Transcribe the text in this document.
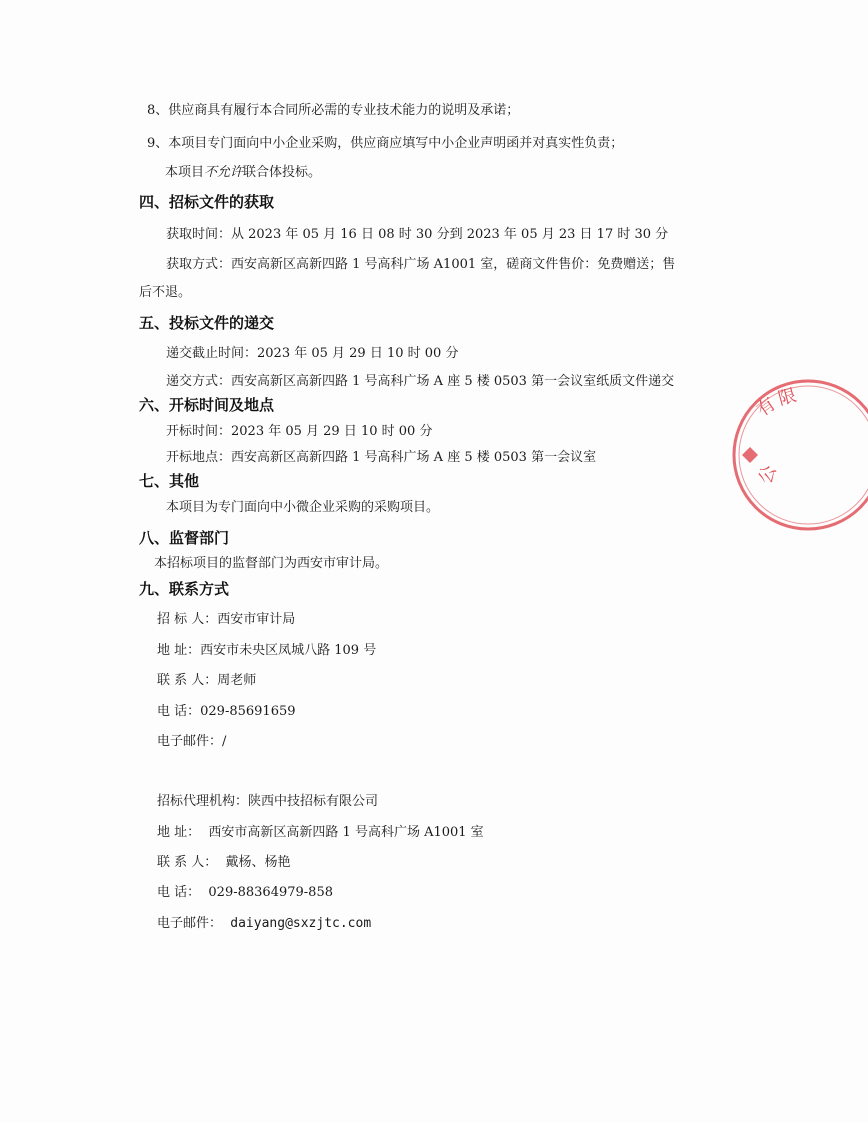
8、供应商具有履行本合同所必需的专业技术能力的说明及承诺；
9、本项目专门面向中小企业采购，供应商应填写中小企业声明函并对真实性负责；
本项目不允许联合体投标。
四、招标文件的获取
获取时间：从 2023 年 05 月 16 日 08 时 30 分到 2023 年 05 月 23 日 17 时 30 分
获取方式：西安高新区高新四路 1 号高科广场 A1001 室，磋商文件售价：免费赠送；售
后不退。
五、投标文件的递交
递交截止时间：2023 年 05 月 29 日 10 时 00 分
递交方式：西安高新区高新四路 1 号高科广场 A 座 5 楼 0503 第一会议室纸质文件递交
六、开标时间及地点
开标时间：2023 年 05 月 29 日 10 时 00 分
开标地点：西安高新区高新四路 1 号高科广场 A 座 5 楼 0503 第一会议室
七、其他
本项目为专门面向中小微企业采购的采购项目。
八、监督部门
本招标项目的监督部门为西安市审计局。
九、联系方式
招 标 人：西安市审计局
地 址：西安市未央区凤城八路 109 号
联 系 人：周老师
电 话：029-85691659
电子邮件：/
招标代理机构：陕西中技招标有限公司
地 址： 西安市高新区高新四路 1 号高科广场 A1001 室
联 系 人： 戴杨、杨艳
电 话： 029-88364979-858
电子邮件： daiyang@sxzjtc.com
有
限
公
